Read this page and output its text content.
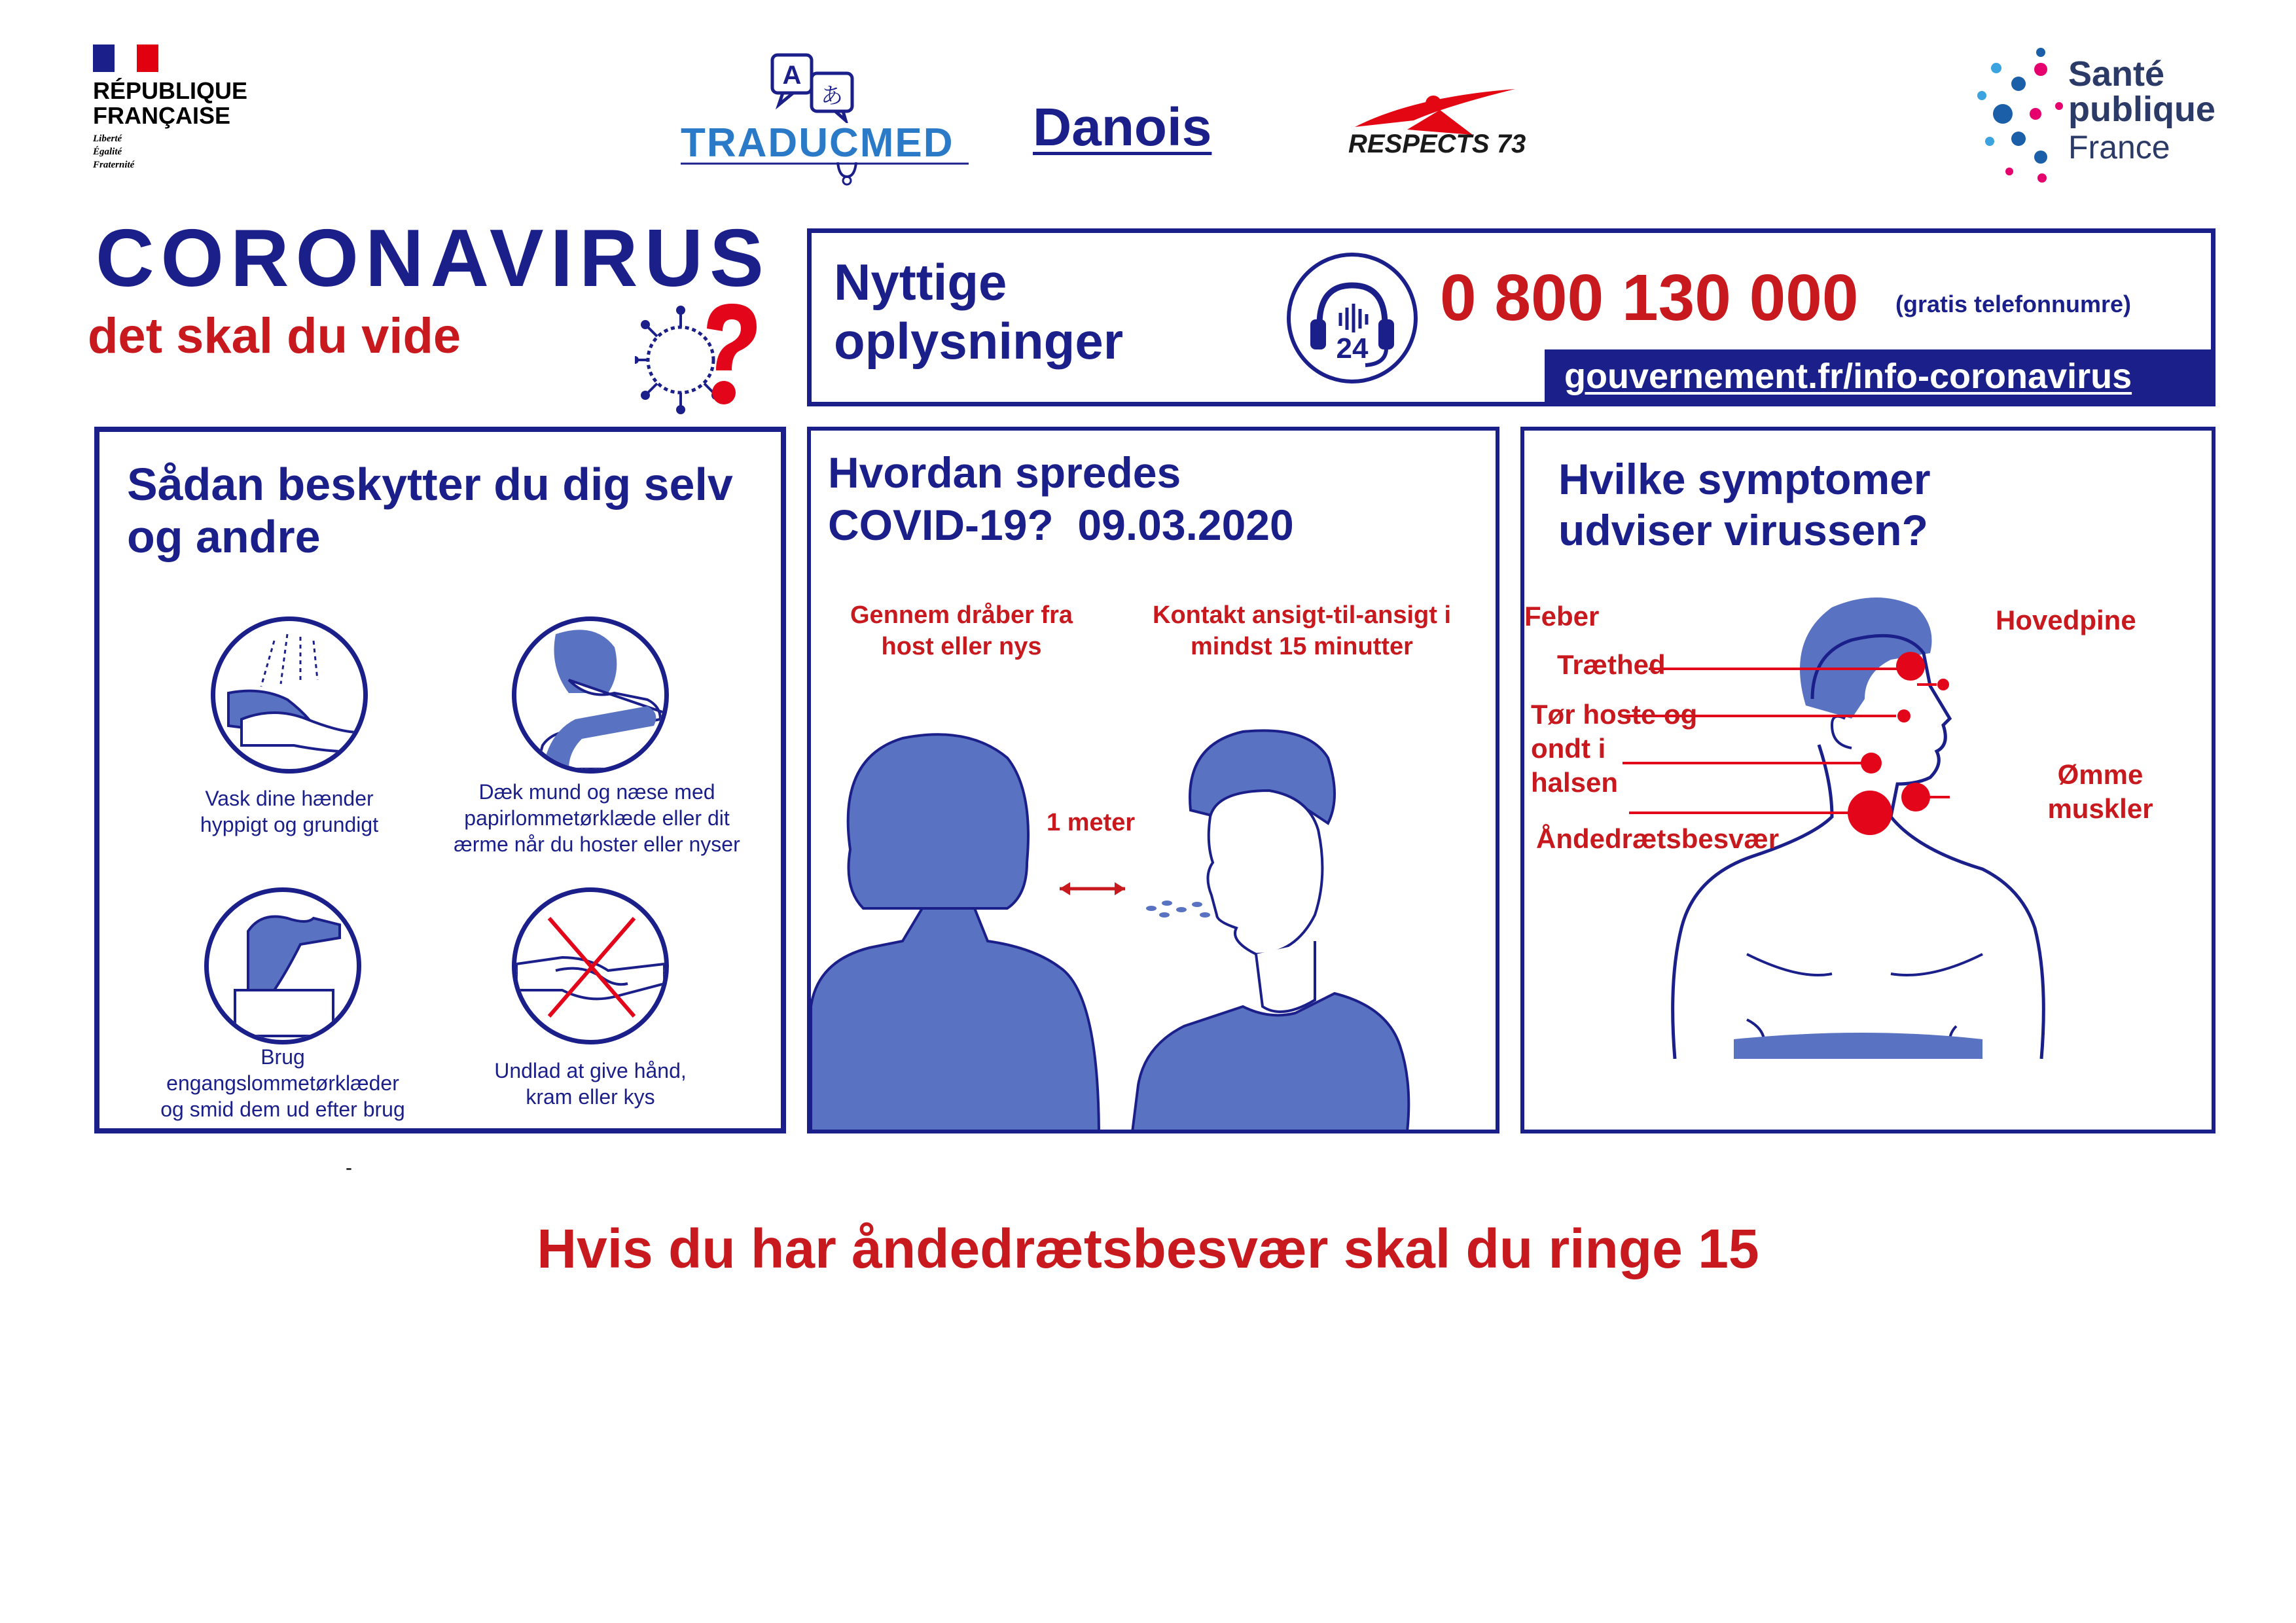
RÉPUBLIQUE
FRANÇAISE
Liberté
Égalité
Fraternité
A
あ
TRADUCMED Danois	RESPECTS 73
Santé
publique
France
CORONAVIRUS
det skal du vide
Nyttige
oplysninger	24
0 800 130 000 (gratis telefonnumre)
gouvernement.fr/info-coronavirus
Sådan beskytter du dig selv
og andre
Vask dine hænder
hyppigt og grundigt
Dæk mund og næse med
papirlommetørklæde eller dit
ærme når du hoster eller nyser
Brug
engangslommetørklæder
og smid dem ud efter brug
Undlad at give hånd,
kram eller kys
Hvordan spredes
COVID-19?  09.03.2020
Gennem dråber fra
host eller nys
Kontakt ansigt-til-ansigt i
mindst 15 minutter
1 meter
Hvilke symptomer
udviser virussen?
Feber	Hovedpine
Træthed
Tør hoste og
ondt i
halsen	Ømme
muskler
Åndedrætsbesvær
-
Hvis du har åndedrætsbesvær skal du ringe 15
